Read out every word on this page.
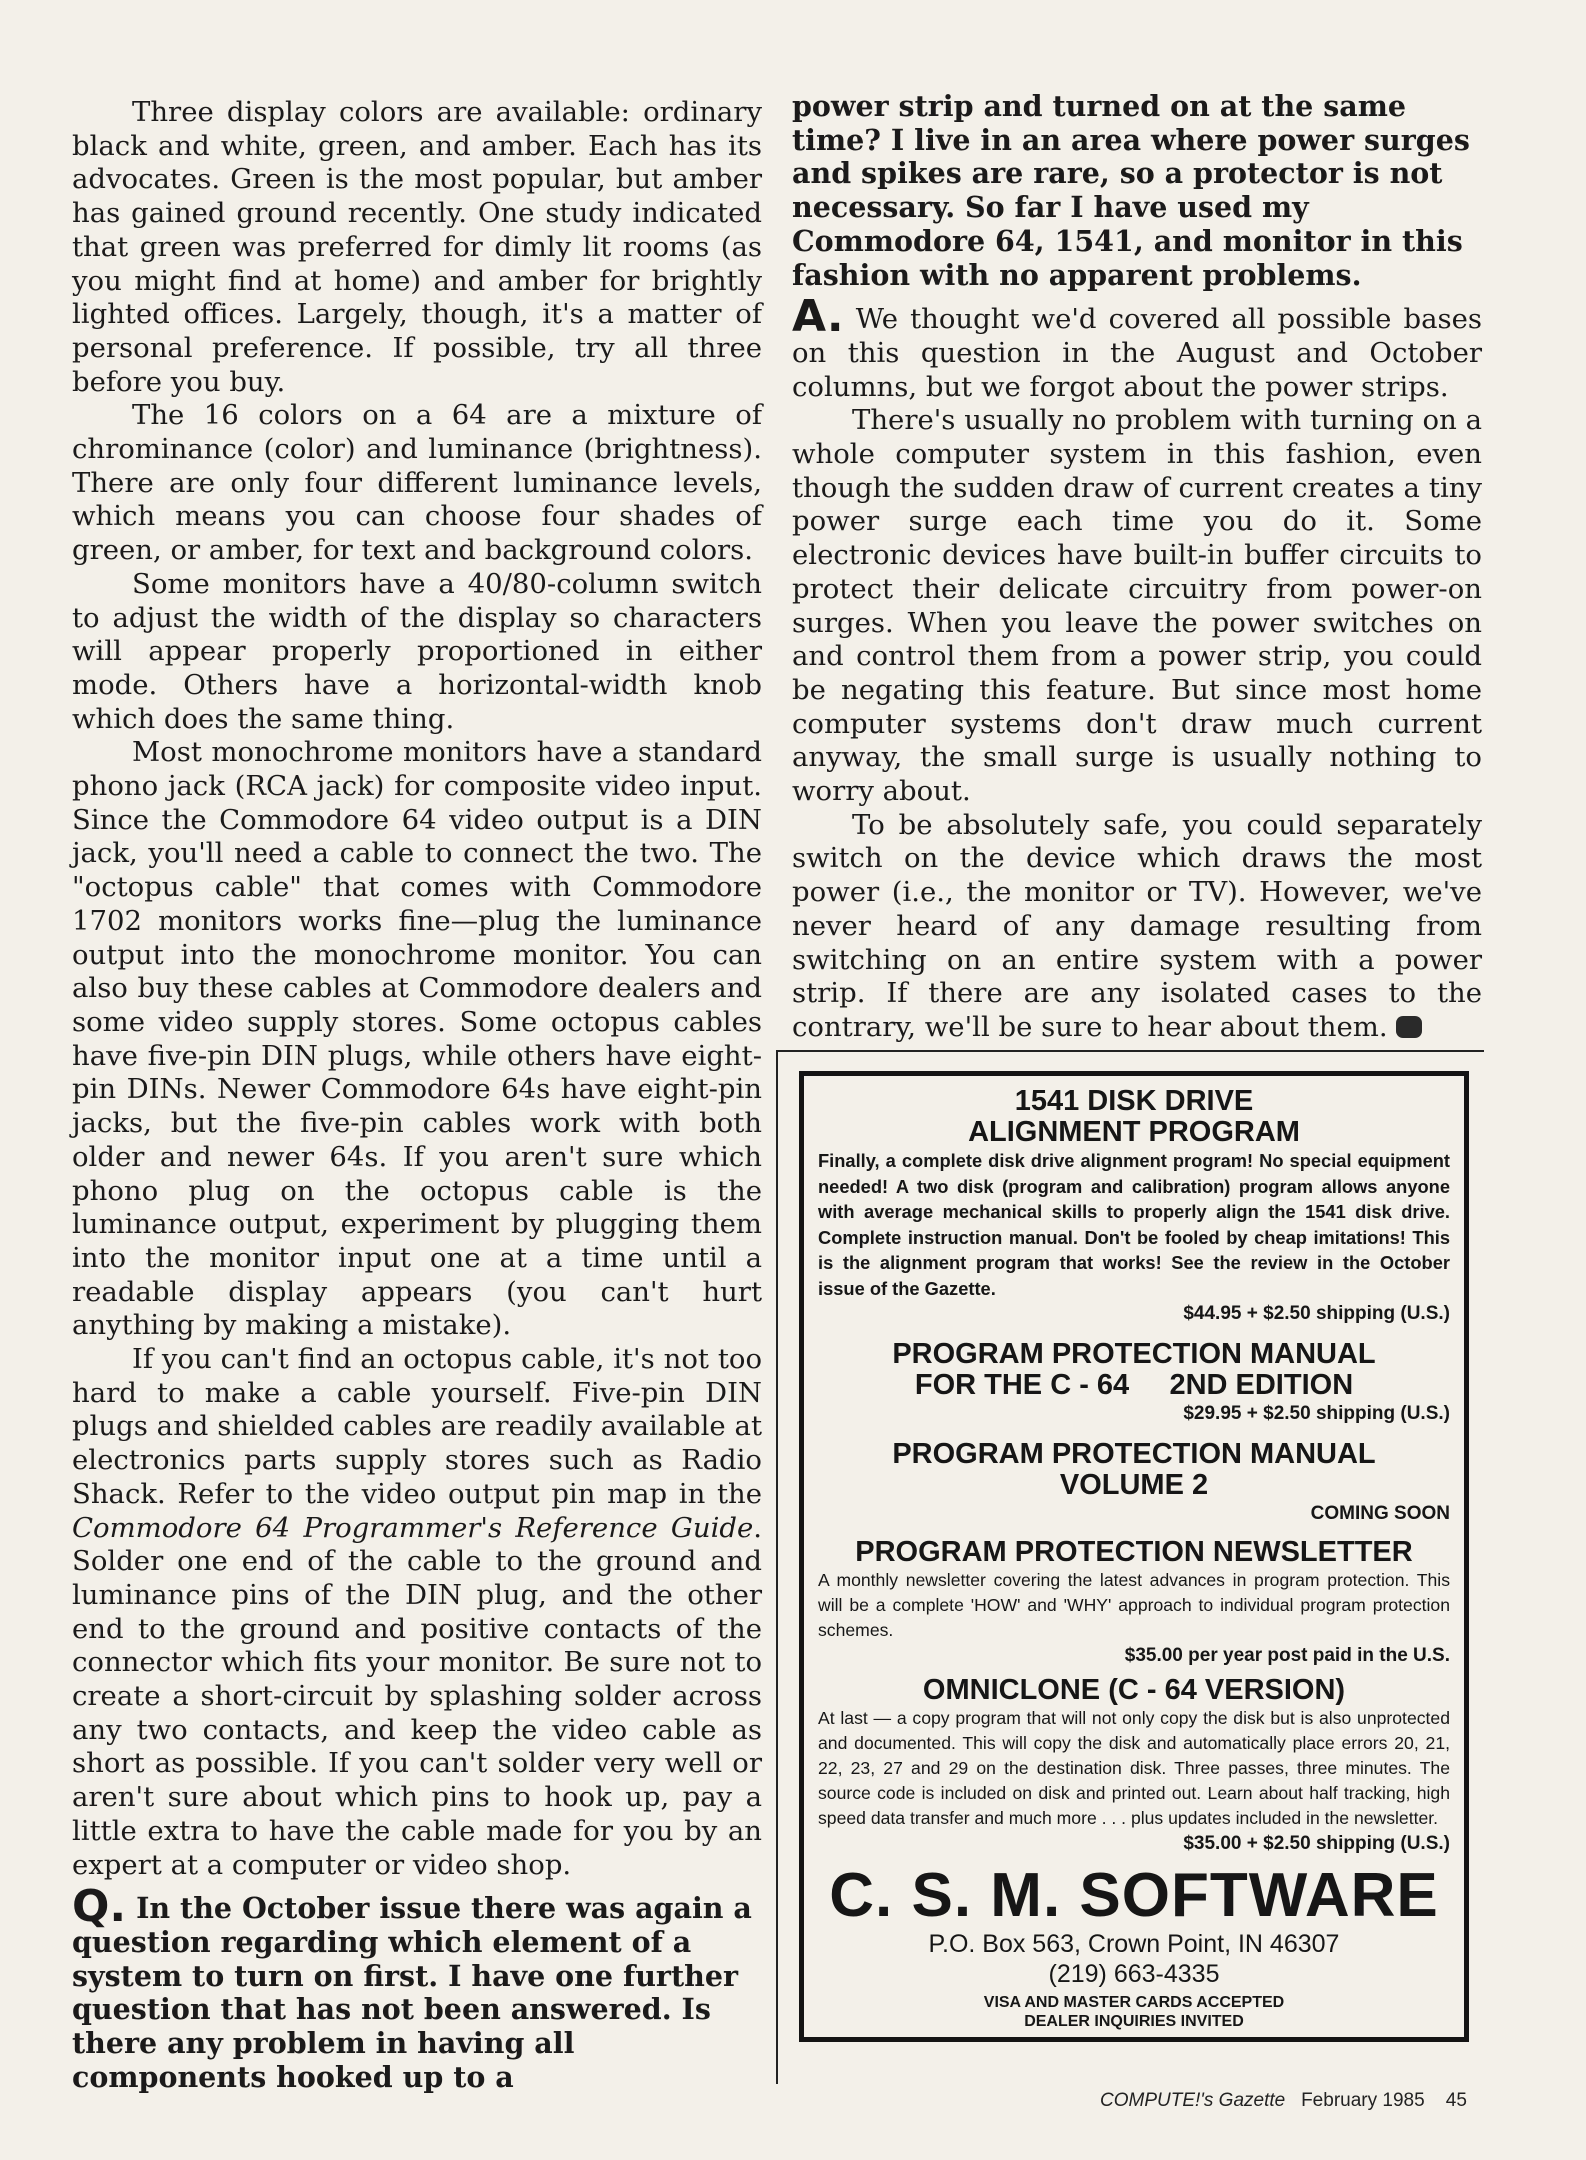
Three display colors are available: ordinary black and white, green, and amber. Each has its advocates. Green is the most popular, but amber has gained ground recently. One study indicated that green was preferred for dimly lit rooms (as you might find at home) and amber for brightly lighted offices. Largely, though, it's a matter of personal preference. If possible, try all three before you buy.

The 16 colors on a 64 are a mixture of chrominance (color) and luminance (brightness). There are only four different luminance levels, which means you can choose four shades of green, or amber, for text and background colors.

Some monitors have a 40/80-column switch to adjust the width of the display so characters will appear properly proportioned in either mode. Others have a horizontal-width knob which does the same thing.

Most monochrome monitors have a standard phono jack (RCA jack) for composite video input. Since the Commodore 64 video output is a DIN jack, you'll need a cable to connect the two. The "octopus cable" that comes with Commodore 1702 monitors works fine—plug the luminance output into the monochrome monitor. You can also buy these cables at Commodore dealers and some video supply stores. Some octopus cables have five-pin DIN plugs, while others have eight-pin DINs. Newer Commodore 64s have eight-pin jacks, but the five-pin cables work with both older and newer 64s. If you aren't sure which phono plug on the octopus cable is the luminance output, experiment by plugging them into the monitor input one at a time until a readable display appears (you can't hurt anything by making a mistake).

If you can't find an octopus cable, it's not too hard to make a cable yourself. Five-pin DIN plugs and shielded cables are readily available at electronics parts supply stores such as Radio Shack. Refer to the video output pin map in the Commodore 64 Programmer's Reference Guide. Solder one end of the cable to the ground and luminance pins of the DIN plug, and the other end to the ground and positive contacts of the connector which fits your monitor. Be sure not to create a short-circuit by splashing solder across any two contacts, and keep the video cable as short as possible. If you can't solder very well or aren't sure about which pins to hook up, pay a little extra to have the cable made for you by an expert at a computer or video shop.

Q. In the October issue there was again a question regarding which element of a system to turn on first. I have one further question that has not been answered. Is there any problem in having all components hooked up to a

power strip and turned on at the same time? I live in an area where power surges and spikes are rare, so a protector is not necessary. So far I have used my Commodore 64, 1541, and monitor in this fashion with no apparent problems.

A. We thought we'd covered all possible bases on this question in the August and October columns, but we forgot about the power strips.

There's usually no problem with turning on a whole computer system in this fashion, even though the sudden draw of current creates a tiny power surge each time you do it. Some electronic devices have built-in buffer circuits to protect their delicate circuitry from power-on surges. When you leave the power switches on and control them from a power strip, you could be negating this feature. But since most home computer systems don't draw much current anyway, the small surge is usually nothing to worry about.

To be absolutely safe, you could separately switch on the device which draws the most power (i.e., the monitor or TV). However, we've never heard of any damage resulting from switching on an entire system with a power strip. If there are any isolated cases to the contrary, we'll be sure to hear about them.

1541 DISK DRIVE

ALIGNMENT PROGRAM

Finally, a complete disk drive alignment program! No special equipment needed! A two disk (program and calibration) program allows anyone with average mechanical skills to properly align the 1541 disk drive. Complete instruction manual. Don't be fooled by cheap imitations! This is the alignment program that works! See the review in the October issue of the Gazette.

$44.95 + $2.50 shipping (U.S.)

PROGRAM PROTECTION MANUAL

FOR THE C - 64     2ND EDITION

$29.95 + $2.50 shipping (U.S.)

PROGRAM PROTECTION MANUAL

VOLUME 2

COMING SOON

PROGRAM PROTECTION NEWSLETTER

A monthly newsletter covering the latest advances in program protection. This will be a complete 'HOW' and 'WHY' approach to individual program protection schemes.

$35.00 per year post paid in the U.S.

OMNICLONE (C - 64 VERSION)

At last — a copy program that will not only copy the disk but is also unprotected and documented. This will copy the disk and automatically place errors 20, 21, 22, 23, 27 and 29 on the destination disk. Three passes, three minutes. The source code is included on disk and printed out. Learn about half tracking, high speed data transfer and much more . . . plus updates included in the newsletter.

$35.00 + $2.50 shipping (U.S.)

C. S. M. SOFTWARE

P.O. Box 563, Crown Point, IN 46307

(219) 663-4335

VISA AND MASTER CARDS ACCEPTED

DEALER INQUIRIES INVITED

COMPUTE!'s Gazette February 1985 45
